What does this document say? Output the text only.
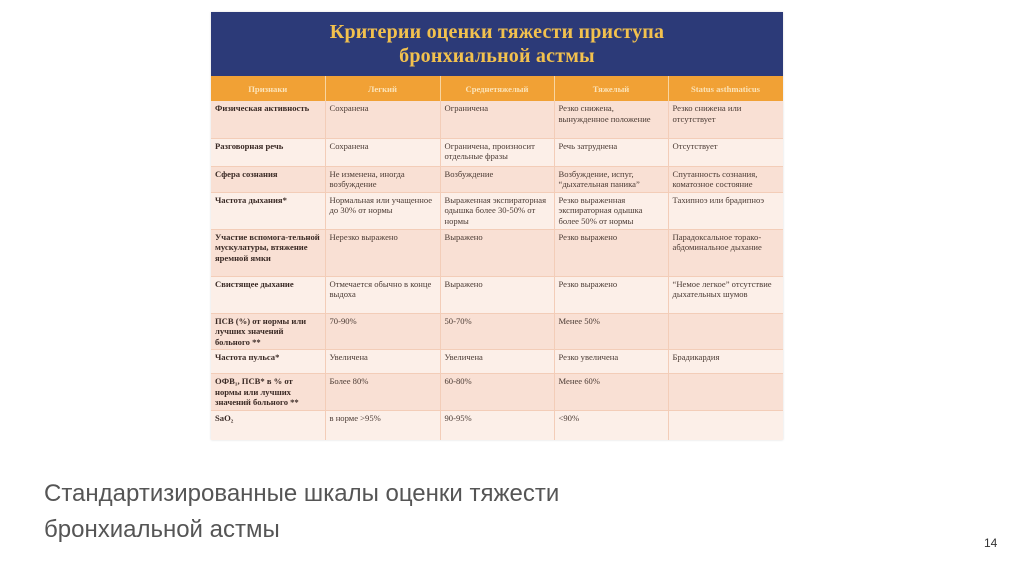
Критерии оценки тяжести приступа
бронхиальной астмы
Признаки	Легкий	Среднетяжелый	Тяжелый	Status asthmaticus
Физическая активность	Сохранена	Ограничена	Резко снижена, вынужденное положение	Резко снижена или отсутствует
Разговорная речь	Сохранена	Ограничена, произносит отдельные фразы	Речь затруднена	Отсутствует
Сфера сознания	Не изменена, иногда возбуждение	Возбуждение	Возбуждение, испуг, “дыхательная паника”	Спутанность сознания, коматозное состояние
Частота дыхания*	Нормальная или учащенное до 30% от нормы	Выраженная экспираторная одышка более 30-50% от нормы	Резко выраженная экспираторная одышка более 50% от нормы	Тахипноэ или брадипноэ
Участие вспомога-тельной мускулатуры, втяжение яремной ямки	Нерезко выражено	Выражено	Резко выражено	Парадоксальное торако-абдоминальное дыхание
Свистящее дыхание	Отмечается обычно в конце выдоха	Выражено	Резко выражено	“Немое легкое” отсутствие дыхательных шумов
ПСВ (%) от нормы или лучших значений больного **	70-90%	50-70%	Менее 50%	
Частота пульса*	Увеличена	Увеличена	Резко увеличена	Брадикардия
ОФВ₁, ПСВ* в % от нормы или лучших значений больного **	Более 80%	60-80%	Менее 60%	
SaO₂	в норме >95%	90-95%	<90%	
Стандартизированные шкалы оценки тяжести
бронхиальной астмы	14
